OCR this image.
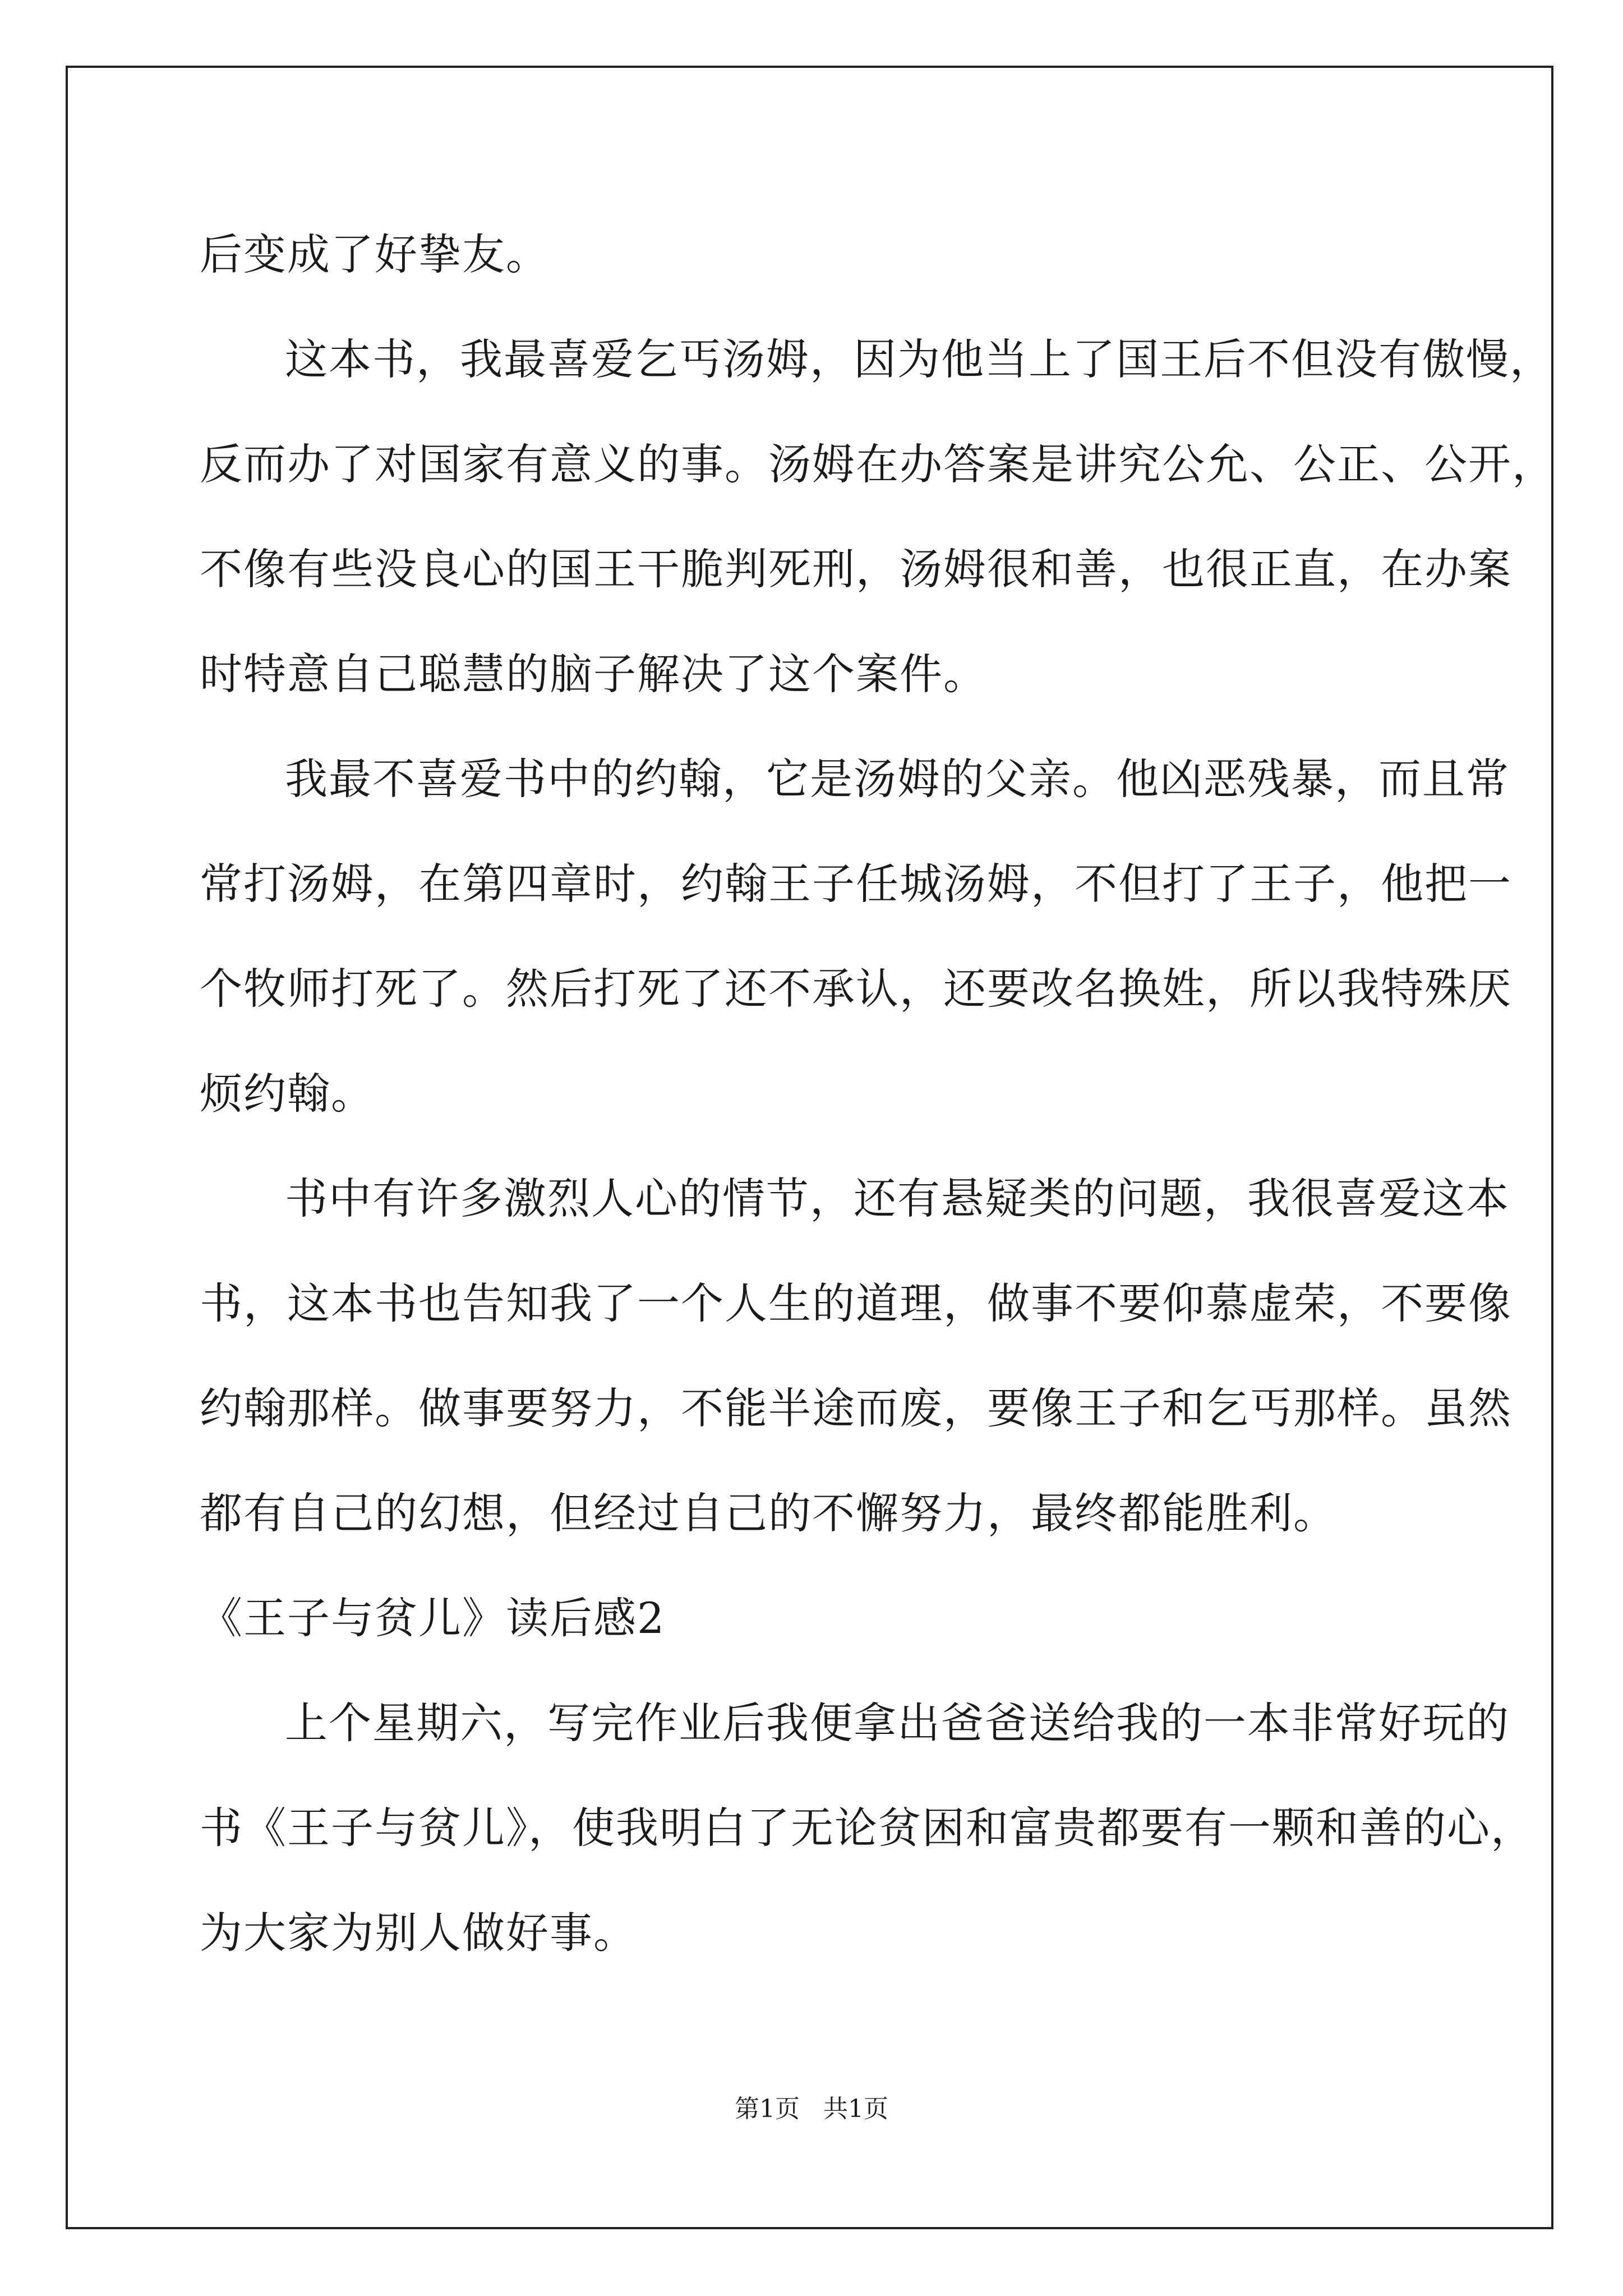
后变成了好挚友。
这本书，我最喜爱乞丐汤姆，因为他当上了国王后不但没有傲慢，
反而办了对国家有意义的事。汤姆在办答案是讲究公允、公正、公开，
不像有些没良心的国王干脆判死刑，汤姆很和善，也很正直，在办案
时特意自己聪慧的脑子解决了这个案件。
我最不喜爱书中的约翰，它是汤姆的父亲。他凶恶残暴，而且常
常打汤姆，在第四章时，约翰王子任城汤姆，不但打了王子，他把一
个牧师打死了。然后打死了还不承认，还要改名换姓，所以我特殊厌
烦约翰。
书中有许多激烈人心的情节，还有悬疑类的问题，我很喜爱这本
书，这本书也告知我了一个人生的道理，做事不要仰慕虚荣，不要像
约翰那样。做事要努力，不能半途而废，要像王子和乞丐那样。虽然
都有自己的幻想，但经过自己的不懈努力，最终都能胜利。
《王子与贫儿》读后感2
上个星期六，写完作业后我便拿出爸爸送给我的一本非常好玩的
书《王子与贫儿》，使我明白了无论贫困和富贵都要有一颗和善的心，
为大家为别人做好事。
第1页   共1页
